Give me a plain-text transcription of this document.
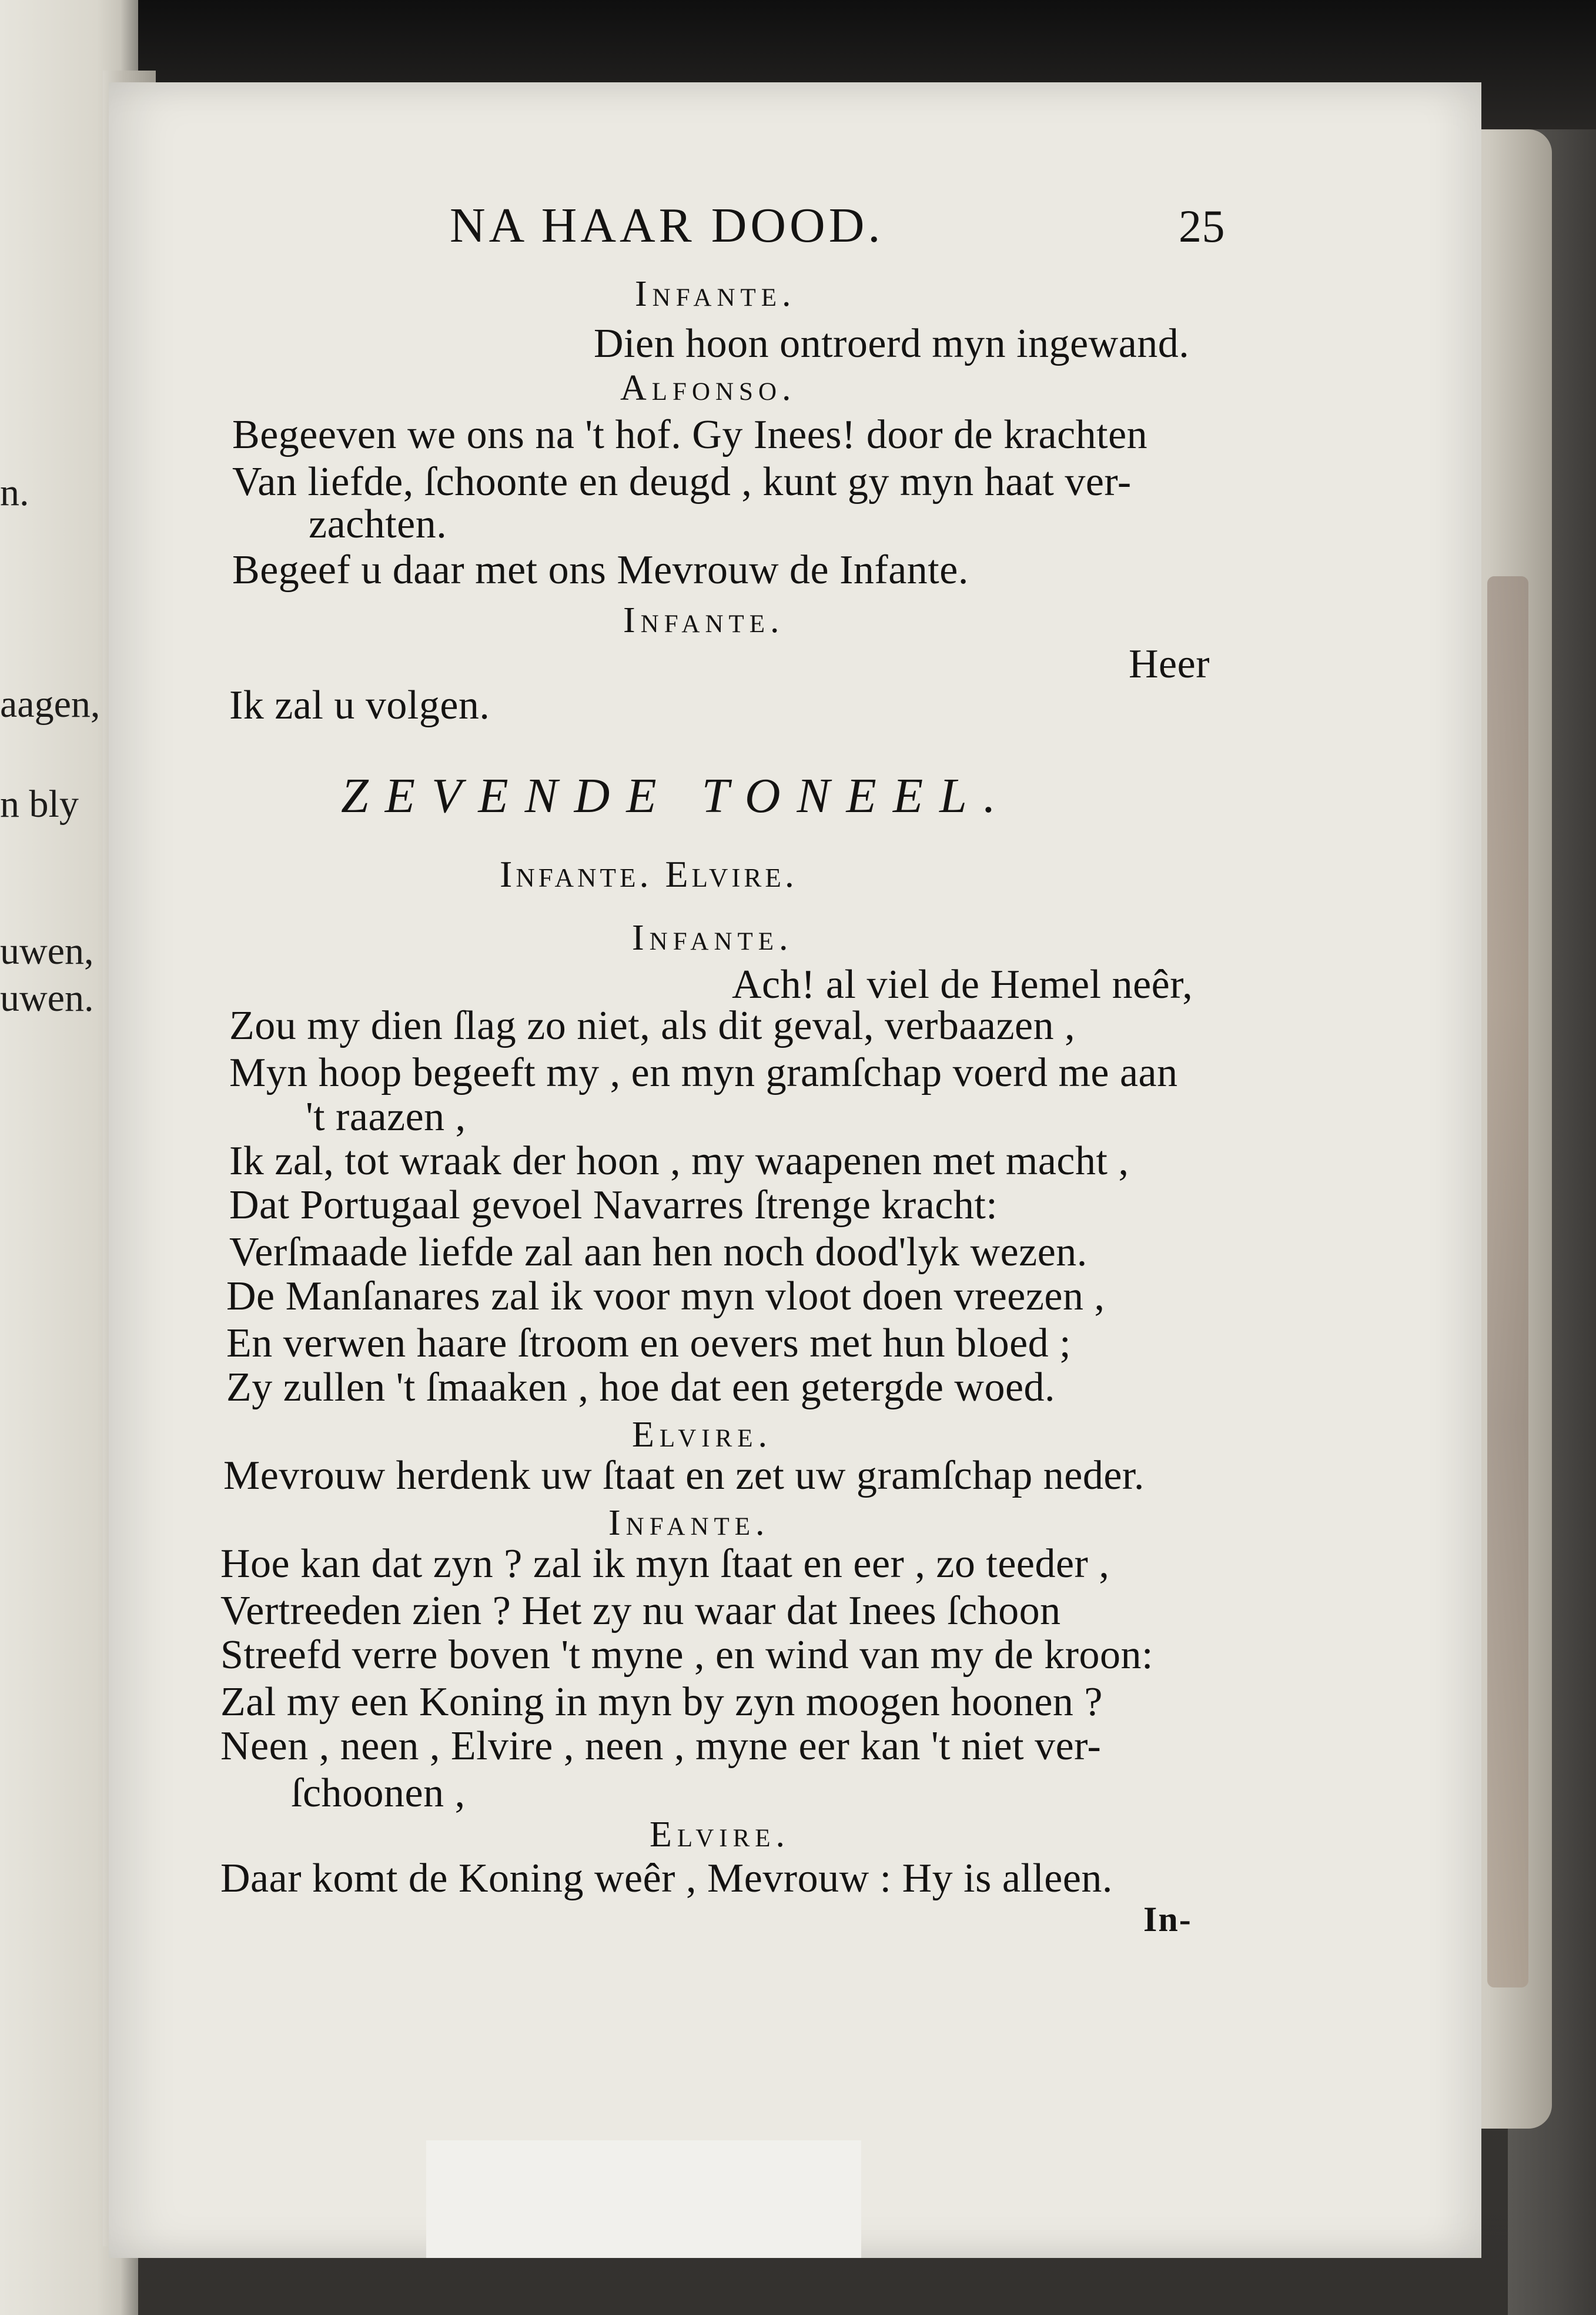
n.
aagen,
n bly
uwen,
uwen.
NA HAAR DOOD.	25
Infante.
Dien hoon ontroerd myn ingewand.
Alfonso.
Begeeven we ons na 't hof. Gy Inees! door de krachten
Van liefde, ſchoonte en deugd , kunt gy myn haat ver-
zachten.
Begeef u daar met ons Mevrouw de Infante.
Infante.
Heer
Ik zal u volgen.
ZEVENDE TONEEL.
Infante. Elvire.
Infante.
Ach! al viel de Hemel neêr,
Zou my dien ſlag zo niet, als dit geval, verbaazen ,
Myn hoop begeeft my , en myn gramſchap voerd me aan
't raazen ,
Ik zal, tot wraak der hoon , my waapenen met macht ,
Dat Portugaal gevoel Navarres ſtrenge kracht:
Verſmaade liefde zal aan hen noch dood'lyk wezen.
De Manſanares zal ik voor myn vloot doen vreezen ,
En verwen haare ſtroom en oevers met hun bloed ;
Zy zullen 't ſmaaken , hoe dat een getergde woed.
Elvire.
Mevrouw herdenk uw ſtaat en zet uw gramſchap neder.
Infante.
Hoe kan dat zyn ? zal ik myn ſtaat en eer , zo teeder ,
Vertreeden zien ? Het zy nu waar dat Inees ſchoon
Streefd verre boven 't myne , en wind van my de kroon:
Zal my een Koning in myn by zyn moogen hoonen ?
Neen , neen , Elvire , neen , myne eer kan 't niet ver-
ſchoonen ,
Elvire.
Daar komt de Koning weêr , Mevrouw : Hy is alleen.
In-
